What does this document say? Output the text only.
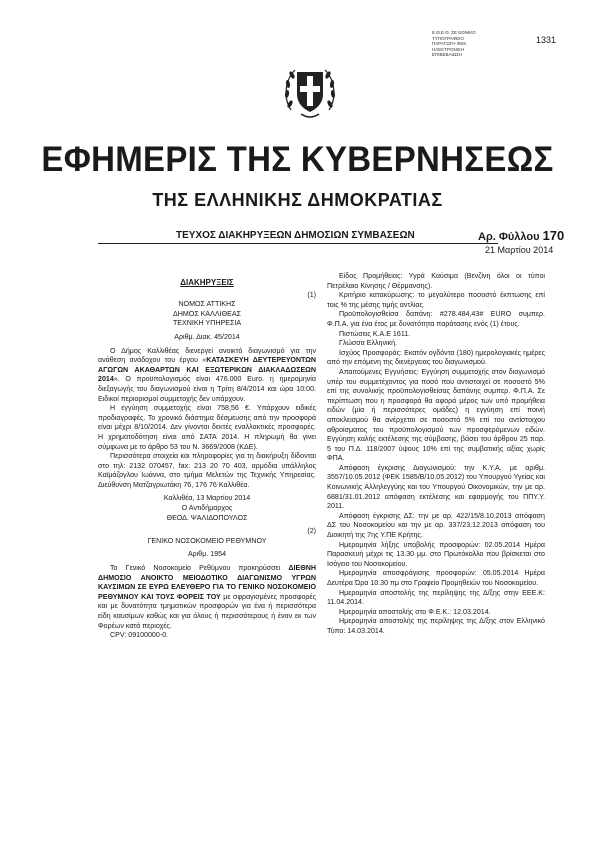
1331
Ε.Θ.Ε.Θ. ΣΕ ΕΘΝΙΚΟ
ΤΥΠΟΓΡΑΦΕΙΟ
ΠΑΡΑΓΩΓΗ ΦΕΚ
ΗΛΕΚΤΡΟΝΙΚΗ
ΕΠΙΒΕΒΑΙΩΣΗ
ΕΦΗΜΕΡΙΣ ΤΗΣ ΚΥΒΕΡΝΗΣΕΩΣ
ΤΗΣ ΕΛΛΗΝΙΚΗΣ ΔΗΜΟΚΡΑΤΙΑΣ
ΤΕΥΧΟΣ ΔΙΑΚΗΡΥΞΕΩΝ ΔΗΜΟΣΙΩΝ ΣΥΜΒΑΣΕΩΝ	Αρ. Φύλλου 170
21 Μαρτίου 2014

ΔΙΑΚΗΡΥΞΕΙΣ

(1)

ΝΟΜΟΣ ΑΤΤΙΚΗΣ

ΔΗΜΟΣ ΚΑΛΛΙΘΕΑΣ

ΤΕΧΝΙΚΗ ΥΠΗΡΕΣΙΑ

Αριθμ. Διακ. 45/2014

Ο Δήμος Καλλιθέας διενεργεί ανοικτό διαγωνισμό για την ανάθεση ανάδοχου του έργου «ΚΑΤΑΣΚΕΥΗ ΔΕΥΤΕΡΕΥΟΝΤΩΝ ΑΓΩΓΩΝ ΑΚΑΘΑΡΤΩΝ ΚΑΙ ΕΞΩΤΕΡΙΚΩΝ ΔΙΑΚΛΑΔΩΣΕΩΝ 2014». Ο προϋπολογισμός είναι 476.000 Euro. η ημερομηνία διεξαγωγής του διαγωνισμού είναι η Τρίτη 8/4/2014 και ώρα 10:00. Ειδικοί περιορισμοί συμμετοχής δεν υπάρχουν.

Η εγγύηση συμμετοχής είναι 758,56 €. Υπάρχουν ειδικές προδιαγραφές. Το χρονικό διάστημα δέσμευσης από την προσφορά είναι μέχρι 8/10/2014. Δεν γίνονται δεκτές εναλλακτικές προσφορές. Η χρηματοδότηση είναι από ΣΑΤΑ 2014. Η πληρωμή θα γίνει σύμφωνα με το άρθρο 53 του Ν. 3669/2008 (ΚΔΕ).

Περισσότερα στοιχεία και πληροφορίες για τη διακήρυξη δίδονται στο τηλ: 2132 070457, fax: 213 20 70 403, αρμόδια υπάλληλος Καϊμάζογλου Ιωάννα, στο τμήμα Μελετών της Τεχνικής Υπηρεσίας. Διεύθυνση Ματζαγριωτάκη 76, 176 76 Καλλιθέα.

Καλλιθέα, 13 Μαρτίου 2014

Ο Αντιδήμαρχος

ΘΕΟΔ. ΨΑΛΙΔΟΠΟΥΛΟΣ

(2)

ΓΕΝΙΚΟ ΝΟΣΟΚΟΜΕΙΟ ΡΕΘΥΜΝΟΥ

Αριθμ. 1954

Το Γενικό Νοσοκομείο Ρεθύμνου προκηρύσσει ΔΙΕΘΝΗ ΔΗΜΟΣΙΟ ΑΝΟΙΚΤΟ ΜΕΙΟΔΟΤΙΚΟ ΔΙΑΓΩΝΙΣΜΟ ΥΓΡΩΝ ΚΑΥΣΙΜΩΝ ΣΕ ΕΥΡΩ ΕΛΕΥΘΕΡΟ ΓΙΑ ΤΟ ΓΕΝΙΚΟ ΝΟΣΟΚΟΜΕΙΟ ΡΕΘΥΜΝΟΥ ΚΑΙ ΤΟΥΣ ΦΟΡΕΙΣ ΤΟΥ με σφραγισμένες προσφορές και με δυνατότητα τμηματικών προσφορών για ένα ή περισσότερα είδη καυσίμων καθώς και για όλους ή περισσότερους ή έναν εκ των Φορέων κατά περιοχές.

CPV: 09100000-0.

Είδος Προμήθειας: Υγρά Καύσιμα (Βενζίνη όλοι οι τύποι Πετρέλαιο Κίνησης / Θέρμανσης).

Κριτήριο κατακύρωσης: το μεγαλύτερο ποσοστό έκπτωσης επί τοις % της μέσης τιμής αντλίας.

Προϋπολογισθείσα δαπάνη: #278.484,43# EURO συμπερ. Φ.Π.Α. για ένα έτος με δυνατότητα παράτασης ενός (1) έτους.

Πιστώσεις Κ.Α.Ε 1611.

Γλώσσα Ελληνική.

Ισχύος Προσφοράς: Εκατόν ογδόντα (180) ημερολογιακές ημέρες από την επόμενη της διενέργειας του διαγωνισμού.

Απαιτούμενες Εγγυήσεις: Εγγύηση συμμετοχής στον διαγωνισμό υπέρ του συμμετέχοντος για ποσό που αντιστοιχεί σε ποσοστό 5% επί της συνολικής προϋπολογισθείσας δαπάνης συμπερ. Φ.Π.Α. Σε περίπτωση που η προσφορά θα αφορά μέρος των υπό προμήθεια ειδών (μία ή περισσότερες ομάδες) η εγγύηση επί ποινή αποκλεισμού θα ανέρχεται σε ποσοστό 5% επί του αντίστοιχου αθροίσματος του προϋπολογισμού των προσφερόμενων ειδών. Εγγύηση καλής εκτέλεσης της σύμβασης, βάσει του άρθρου 25 παρ. 5 του Π.Δ. 118/2007 ύψους 10% επί της συμβατικής αξίας χωρίς ΦΠΑ.

Απόφαση έγκρισης Διαγωνισμού: την Κ.Υ.Α. με αριθμ. 3557/10.05.2012 (ΦΕΚ 1585/Β/10.05.2012) του Υπουργού Υγείας και Κοινωνικής Αλληλεγγύης και του Υπουργού Οικονομικών, την με αρ. 6881/31.01.2012 απόφαση εκτέλεσης και εφαρμογής του ΠΠΥ.Υ. 2011.

Απόφαση έγκρισης ΔΣ: την με αρ. 422/15/8.10.2013 απόφαση ΔΣ του Νοσοκομείου και την με αρ. 337/23.12.2013 απόφαση του Διοικητή της 7ης Υ.ΠΕ Κρήτης.

Ημερομηνία λήξης υποβολής προσφορών: 02.05.2014 Ημέρα Παρασκευή μέχρι τις 13.30 μμ. στο Πρωτόκολλο που βρίσκεται στο Ισόγειο του Νοσοκομείου.

Ημερομηνία αποσφράγισης προσφορών: 05.05.2014 Ημέρα Δευτέρα Ώρα 10.30 πμ στο Γραφείο Προμηθειών του Νοσοκομείου.

Ημερομηνία αποστολής της περίληψης της Δ/ξης στην ΕΕΕ.Κ: 11.04.2014.

Ημερομηνία αποστολής στο Φ.Ε.Κ.: 12.03.2014.

Ημερομηνία αποστολής της περίληψης της Δ/ξης στον Ελληνικό Τύπο: 14.03.2014.
